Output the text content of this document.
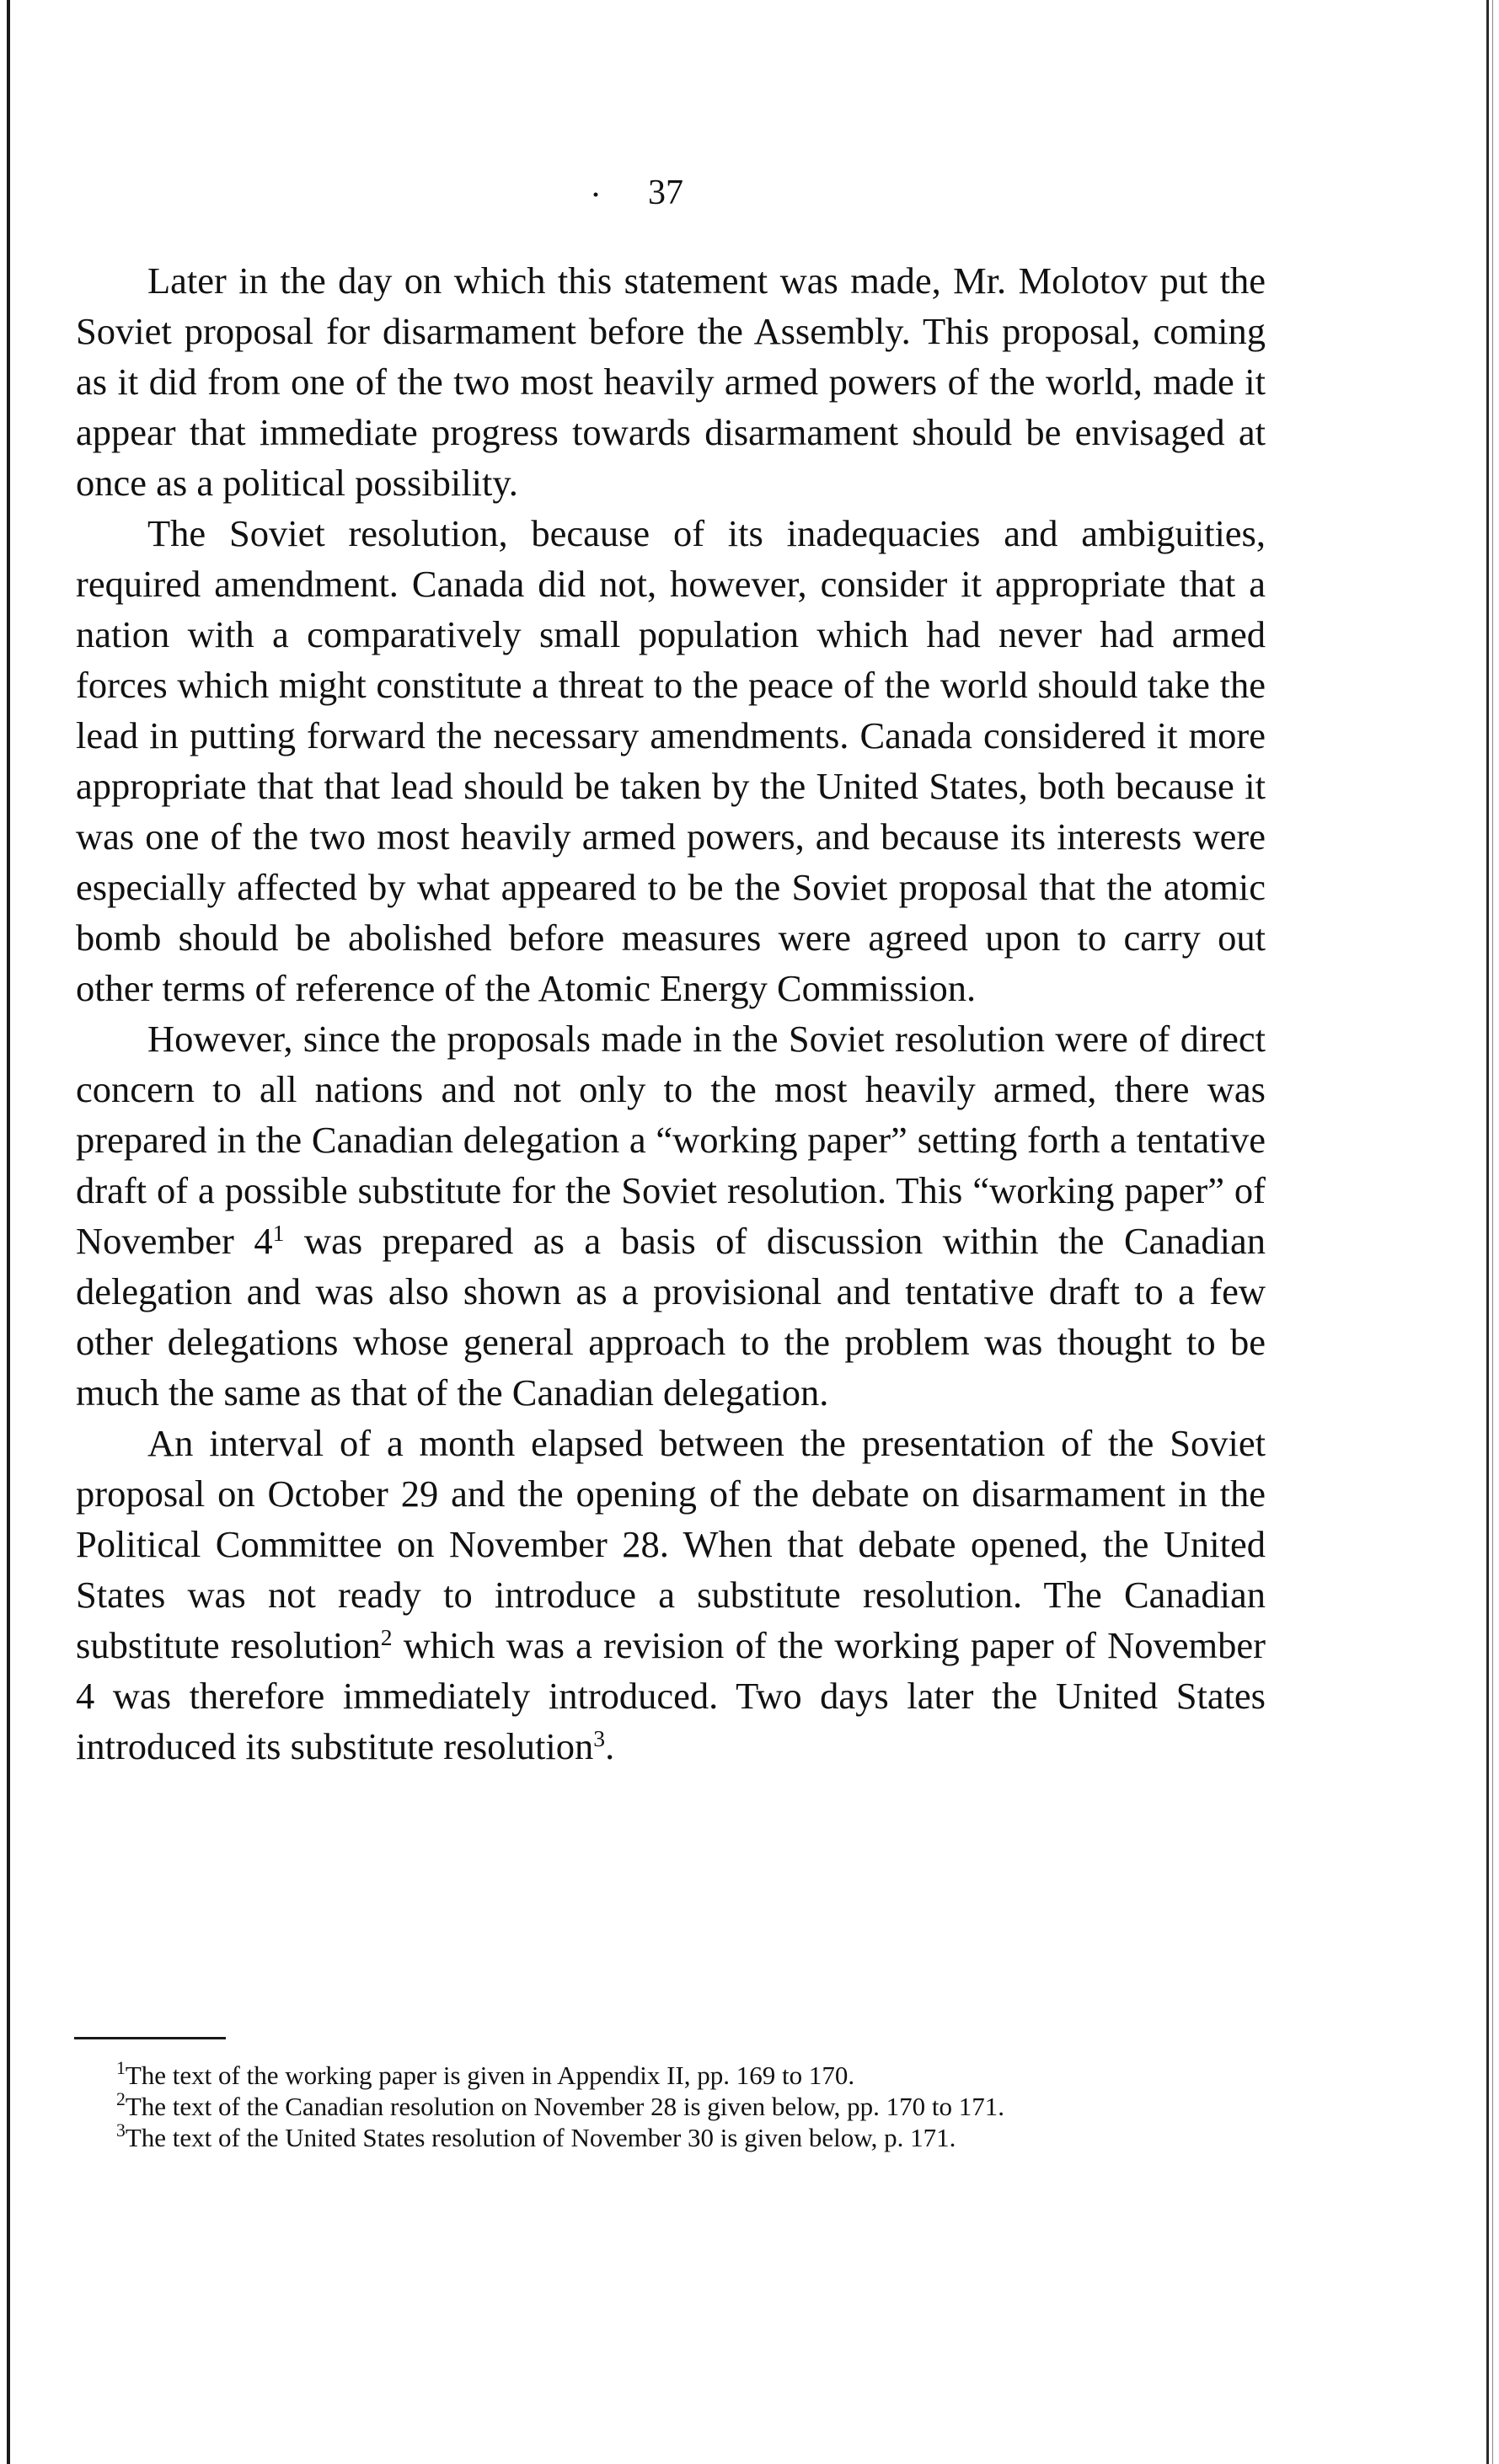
· 37

Later in the day on which this statement was made, Mr. Molotov put the Soviet proposal for disarmament before the Assembly. This proposal, coming as it did from one of the two most heavily armed powers of the world, made it appear that immediate progress towards disarmament should be envisaged at once as a political possibility.

The Soviet resolution, because of its inadequacies and ambiguities, required amendment. Canada did not, however, consider it appropriate that a nation with a comparatively small population which had never had armed forces which might constitute a threat to the peace of the world should take the lead in putting forward the necessary amendments. Canada considered it more appropriate that that lead should be taken by the United States, both because it was one of the two most heavily armed powers, and because its interests were especially affected by what appeared to be the Soviet proposal that the atomic bomb should be abolished before measures were agreed upon to carry out other terms of reference of the Atomic Energy Commission.

However, since the proposals made in the Soviet resolution were of direct concern to all nations and not only to the most heavily armed, there was prepared in the Canadian delegation a “working paper” setting forth a tentative draft of a possible substitute for the Soviet resolution. This “working paper” of November $4^1$ was prepared as a basis of discussion within the Canadian delegation and was also shown as a provisional and tentative draft to a few other delegations whose general approach to the problem was thought to be much the same as that of the Canadian delegation.

An interval of a month elapsed between the presentation of the Soviet proposal on October 29 and the opening of the debate on disarmament in the Political Committee on November 28. When that debate opened, the United States was not ready to introduce a substitute resolution. The Canadian substitute resolution$^2$ which was a revision of the working paper of November 4 was therefore immediately introduced. Two days later the United States introduced its substitute resolution$^3$.

$^1$The text of the working paper is given in Appendix II, pp. 169 to 170.

$^2$The text of the Canadian resolution on November 28 is given below, pp. 170 to 171.

$^3$The text of the United States resolution of November 30 is given below, p. 171.
